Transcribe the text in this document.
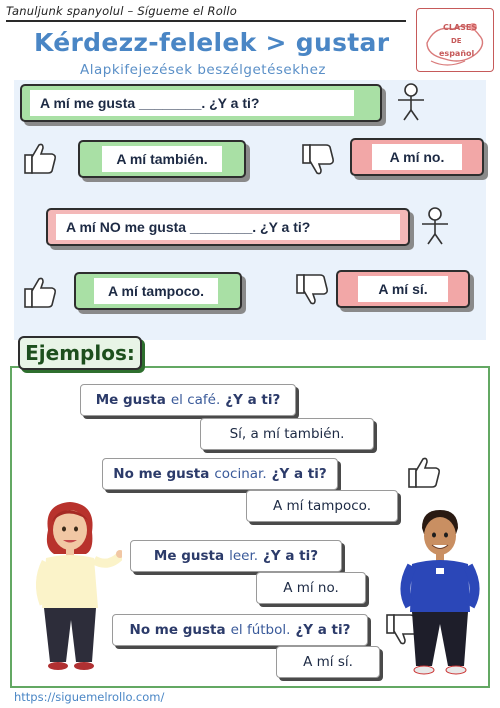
Tanuljunk spanyolul – Sígueme el Rollo
Kérdezz-felelek > gustar
Alapkifejezések beszélgetésekhez
CLASES
DE
español
A mí me gusta ________. ¿Y a ti?
A mí también.	A mí no.
A mí NO me gusta ________. ¿Y a ti?
A mí tampoco.	A mí sí.
Ejemplos:
Me gusta el café. ¿Y a ti?
Sí, a mí también.
No me gusta cocinar. ¿Y a ti?
A mí tampoco.
Me gusta leer. ¿Y a ti?
A mí no.
No me gusta el fútbol. ¿Y a ti?
A mí sí.
https://siguemelrollo.com/
